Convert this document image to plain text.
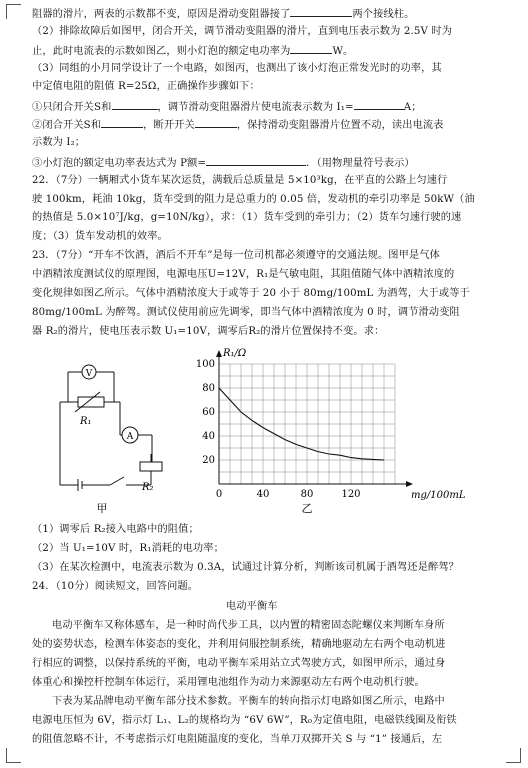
阻器的滑片，两表的示数都不变，原因是滑动变阻器接了	两个接线柱。
（2）排除故障后如图甲，闭合开关，调节滑动变阻器的滑片，直到电压表示数为 2.5V 时为
止，此时电流表的示数如图乙，则小灯泡的额定电功率为	W。
（3）同组的小月同学设计了一个电路，如图丙，也测出了该小灯泡正常发光时的功率，其
中定值电阻的阻值 R=25Ω，正确操作步骤如下：
①只闭合开关S和	，调节滑动变阻器滑片使电流表示数为 I₁=	A；
②闭合开关S和	，断开开关	，保持滑动变阻器滑片位置不动，读出电流表
示数为 I₂；
③小灯泡的额定电功率表达式为 P额=	．（用物理量符号表示）
22．（7分）一辆厢式小货车某次运货，满载后总质量是 5×10³kg，在平直的公路上匀速行
驶 100km，耗油 10kg，货车受到的阻力是总重力的 0.05 倍，发动机的牵引功率是 50kW（油
的热值是 5.0×10⁷J/kg，g=10N/kg），求：（1）货车受到的牵引力；（2）货车匀速行驶的速
度；（3）货车发动机的效率。
23．（7分）“开车不饮酒，酒后不开车”是每一位司机都必须遵守的交通法规。图甲是气体
中酒精浓度测试仪的原理图，电源电压U=12V，R₁是气敏电阻，其阻值随气体中酒精浓度的
变化规律如图乙所示。气体中酒精浓度大于或等于 20 小于 80mg/100mL 为酒驾，大于或等于
80mg/100mL 为醉驾。测试仪使用前应先调零，即当气体中酒精浓度为 0 时，调节滑动变阻
器 R₂的滑片，使电压表示数 U₁=10V，调零后R₂的滑片位置保持不变。求：
V
A
R₁
R₂
甲
0	40	80	120
20
40
60
80
100
R₁/Ω
mg/100mL
乙
（1）调零后 R₂接入电路中的阻值；
（2）当 U₁=10V 时，R₁消耗的电功率；
（3）在某次检测中，电流表示数为 0.3A，试通过计算分析，判断该司机属于酒驾还是醉驾？
24．（10分）阅读短文，回答问题。
电动平衡车
电动平衡车又称体感车，是一种时尚代步工具，以内置的精密固态陀螺仪来判断车身所
处的姿势状态，检测车体姿态的变化，并利用伺服控制系统，精确地驱动左右两个电动机进
行相应的调整，以保持系统的平衡，电动平衡车采用站立式驾驶方式，如图甲所示，通过身
体重心和操控杆控制车体运行，采用锂电池组作为动力来源驱动左右两个电动机行驶。
下表为某品牌电动平衡车部分技术参数。平衡车的转向指示灯电路如图乙所示，电路中
电源电压恒为 6V，指示灯 L₁、L₂的规格均为 “6V 6W”，R₀为定值电阻，电磁铁线圈及衔铁
的阻值忽略不计，不考虑指示灯电阻随温度的变化，当单刀双掷开关 S 与 “1” 接通后，左
